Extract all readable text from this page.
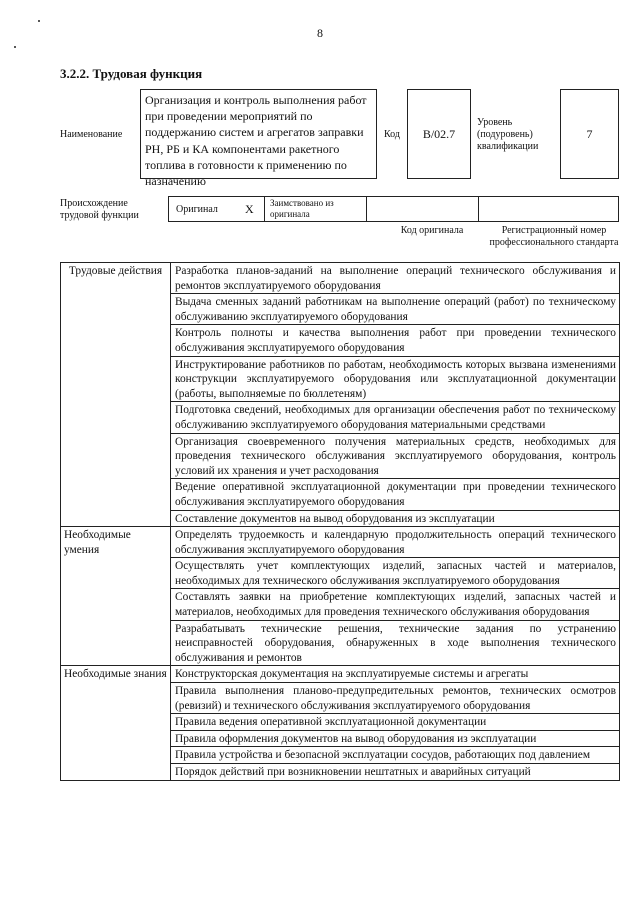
8
3.2.2. Трудовая функция
Наименование
Организация и контроль выполнения работ при проведении мероприятий по поддержанию систем и агрегатов заправки РН, РБ и КА компонентами ракетного топлива в готовности к применению по назначению
Код	В/02.7
Уровень (подуровень) квалификации
7
Происхождение трудовой функции
Оригинал X Заимствовано из оригинала
Код оригинала	Регистрационный номер профессионального стандарта
Трудовые действия	Разработка планов-заданий на выполнение операций технического обслуживания и ремонтов эксплуатируемого оборудования
	Выдача сменных заданий работникам на выполнение операций (работ) по техническому обслуживанию эксплуатируемого оборудования
	Контроль полноты и качества выполнения работ при проведении технического обслуживания эксплуатируемого оборудования
	Инструктирование работников по работам, необходимость которых вызвана изменениями конструкции эксплуатируемого оборудования или эксплуатационной документации (работы, выполняемые по бюллетеням)
	Подготовка сведений, необходимых для организации обеспечения работ по техническому обслуживанию эксплуатируемого оборудования материальными средствами
	Организация своевременного получения материальных средств, необходимых для проведения технического обслуживания эксплуатируемого оборудования, контроль условий их хранения и учет расходования
	Ведение оперативной эксплуатационной документации при проведении технического обслуживания эксплуатируемого оборудования
	Составление документов на вывод оборудования из эксплуатации

Необходимые умения	Определять трудоемкость и календарную продолжительность операций технического обслуживания эксплуатируемого оборудования
	Осуществлять учет комплектующих изделий, запасных частей и материалов, необходимых для технического обслуживания эксплуатируемого оборудования
	Составлять заявки на приобретение комплектующих изделий, запасных частей и материалов, необходимых для проведения технического обслуживания оборудования
	Разрабатывать технические решения, технические задания по устранению неисправностей оборудования, обнаруженных в ходе выполнения технического обслуживания и ремонтов

Необходимые знания	Конструкторская документация на эксплуатируемые системы и агрегаты
	Правила выполнения планово-предупредительных ремонтов, технических осмотров (ревизий) и технического обслуживания эксплуатируемого оборудования
	Правила ведения оперативной эксплуатационной документации
	Правила оформления документов на вывод оборудования из эксплуатации
	Правила устройства и безопасной эксплуатации сосудов, работающих под давлением
	Порядок действий при возникновении нештатных и аварийных ситуаций
